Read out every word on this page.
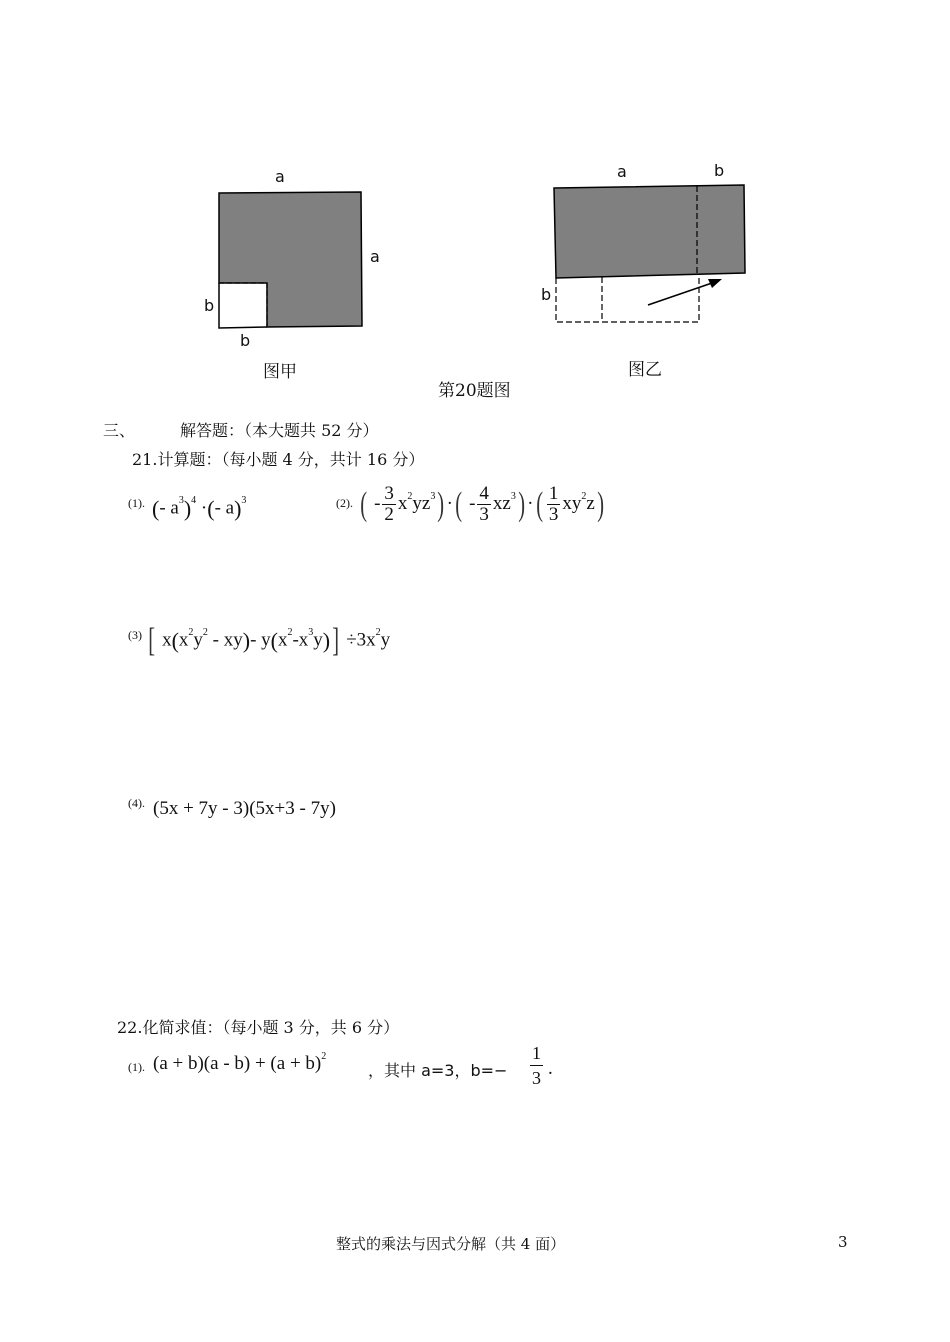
a
a
b
b
图甲
a	b
b
图乙
第20题图
三、	解答题：（本大题共 52 分）
21.计算题：（每小题 4 分，共计 16 分）
(1). (- $a^3)^4$ ·(- a)$^3$	(2). ( - $\frac{3}{2} x^2yz^3$) ·( - $\frac{4}{3} xz^3$) ·( $\frac{1}{3} xy^2z$)
(3) [ $x(x^2y^2 - xy)-$ $y(x^2-x^3y)] \div 3x^2y$
(4). (5x + 7y - 3)(5x+3 - 7y)
22.化简求值：（每小题 3 分，共 6 分）
(1). $(a + b)(a - b) + (a + b)^2$
，其中 a=3，$b=- \frac{1}{3}$ .
整式的乘法与因式分解（共 4 面）	3
